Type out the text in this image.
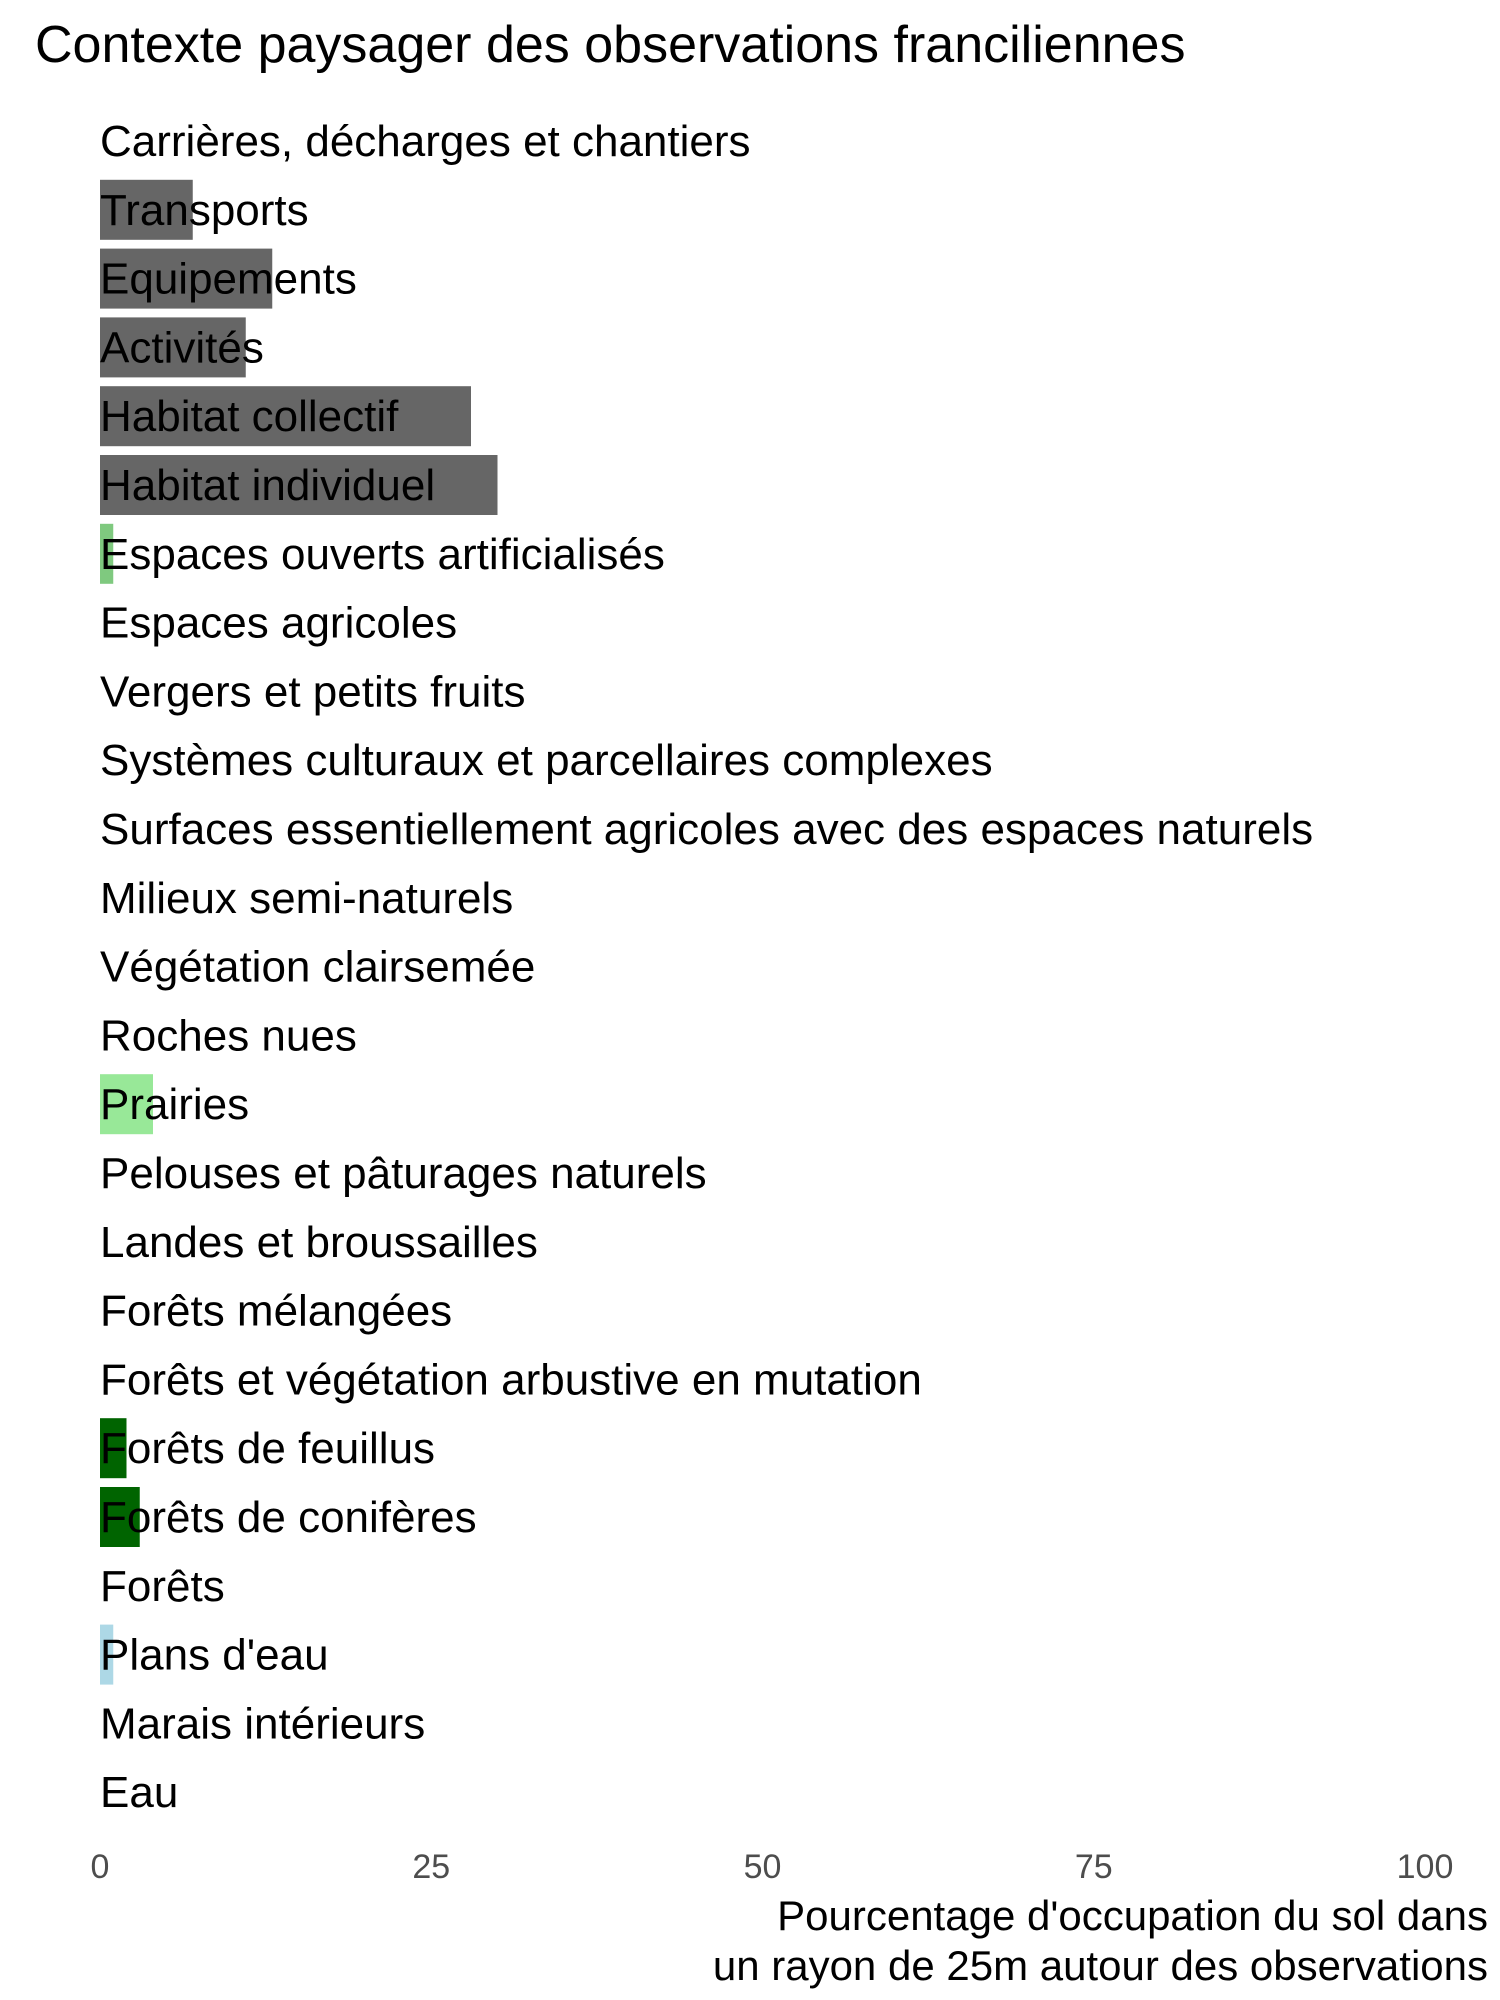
Contexte paysager des observations franciliennes
Carrières, décharges et chantiers
Transports
Equipements
Activités
Habitat collectif
Habitat individuel
Espaces ouverts artificialisés
Espaces agricoles
Vergers et petits fruits
Systèmes culturaux et parcellaires complexes
Surfaces essentiellement agricoles avec des espaces naturels
Milieux semi-naturels
Végétation clairsemée
Roches nues
Prairies
Pelouses et pâturages naturels
Landes et broussailles
Forêts mélangées
Forêts et végétation arbustive en mutation
Forêts de feuillus
Forêts de conifères
Forêts
Plans d'eau
Marais intérieurs
Eau
0	25	50	75	100
Pourcentage d'occupation du sol dans
un rayon de 25m autour des observations
